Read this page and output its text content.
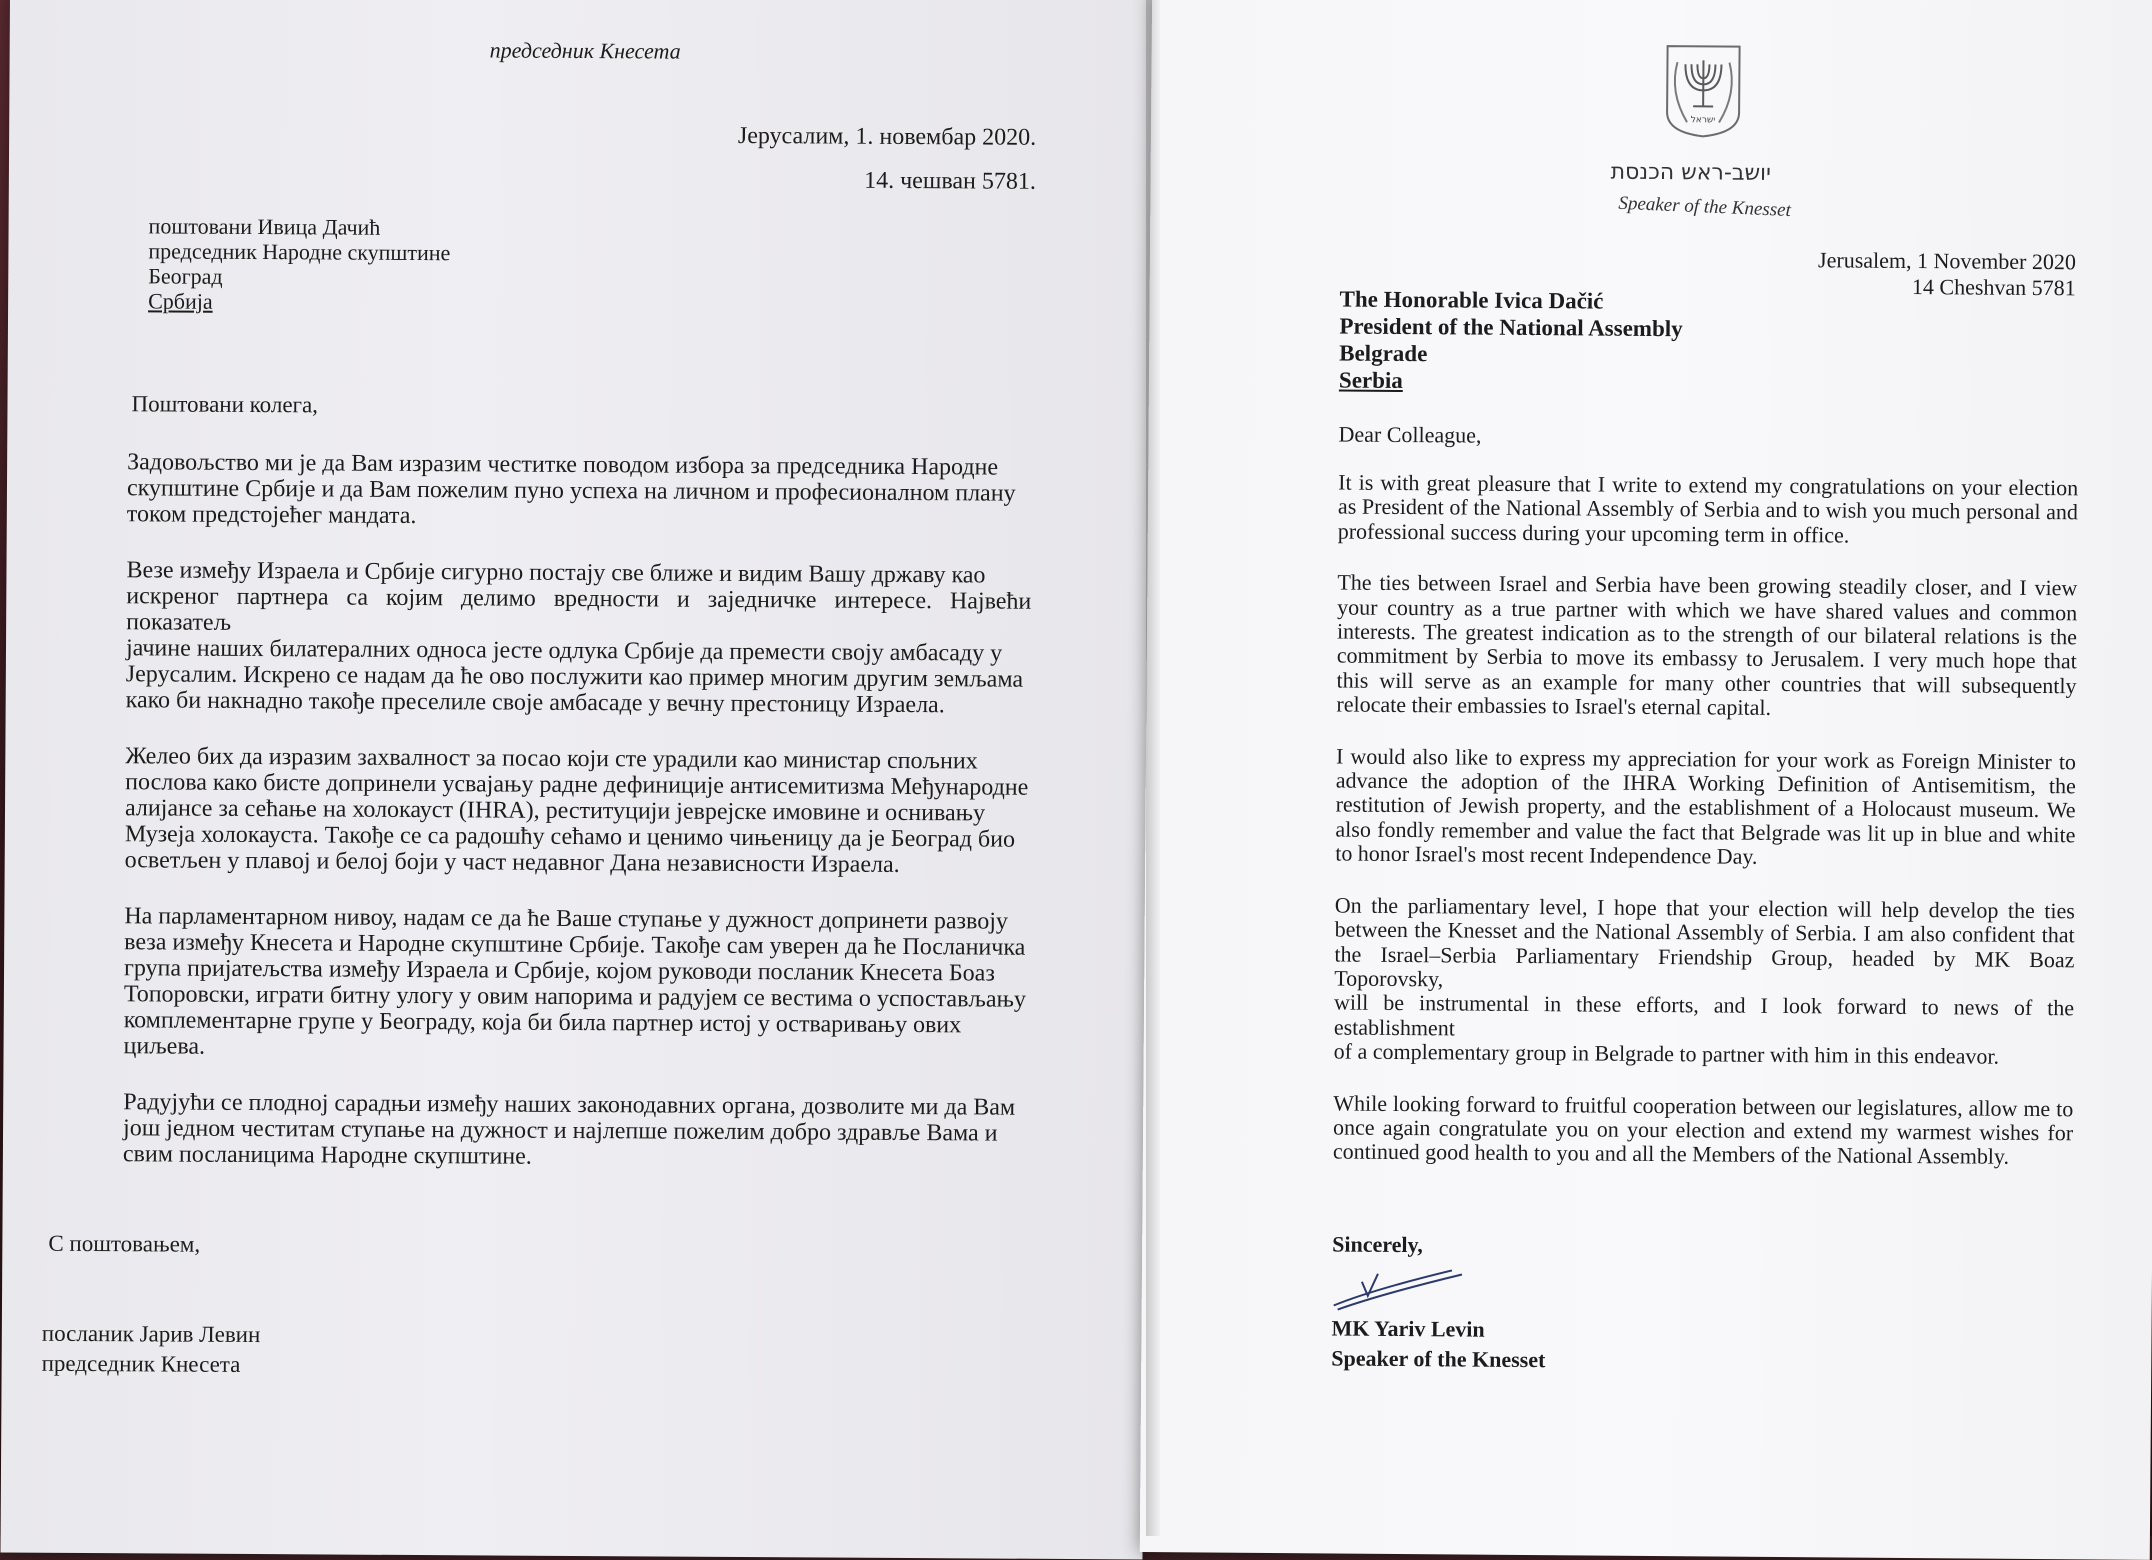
председник Кнесета
Јерусалим, 1. новембар 2020.
14. чешван 5781.
поштовани Ивица Дачић
председник Народне скупштине
Београд
Србија
Поштовани колега,

Задовољство ми је да Вам изразим честитке поводом избора за председника Народне
скупштине Србије и да Вам пожелим пуно успеха на личном и професионалном плану
током предстојећег мандата.

Везе између Израела и Србије сигурно постају све ближе и видим Вашу државу као
искреног партнера са којим делимо вредности и заједничке интересе. Највећи показатељ
јачине наших билатералних односа јесте одлука Србије да премести своју амбасаду у
Јерусалим. Искрено се надам да ће ово послужити као пример многим другим земљама
како би накнадно такође преселиле своје амбасаде у вечну престоницу Израела.

Желео бих да изразим захвалност за посао који сте урадили као министар спољних
послова како бисте допринели усвајању радне дефиниције антисемитизма Међународне
алијансе за сећање на холокауст (IHRA), реституцији јеврејске имовине и оснивању
Музеја холокауста. Такође се са радошћу сећамо и ценимо чињеницу да је Београд био
осветљен у плавој и белој боји у част недавног Дана независности Израела.

На парламентарном нивоу, надам се да ће Ваше ступање у дужност допринети развоју
веза између Кнесета и Народне скупштине Србије. Такође сам уверен да ће Посланичка
група пријатељства између Израела и Србије, којом руководи посланик Кнесета Боаз
Топоровски, играти битну улогу у овим напорима и радујем се вестима о успостављању
комплементарне групе у Београду, која би била партнер истој у остваривању ових
циљева.

Радујући се плодној сарадњи између наших законодавних органа, дозволите ми да Вам
још једном честитам ступање на дужност и најлепше пожелим добро здравље Вама и
свим посланицима Народне скупштине.

С поштовањем,
посланик Јарив Левин
председник Кнесета
ישראל
יושב-ראש הכנסת
Speaker of the Knesset
Jerusalem, 1 November 2020
14 Cheshvan 5781
The Honorable Ivica Dačić
President of the National Assembly
Belgrade
Serbia
Dear Colleague,

It is with great pleasure that I write to extend my congratulations on your election
as President of the National Assembly of Serbia and to wish you much personal and
professional success during your upcoming term in office.

The ties between Israel and Serbia have been growing steadily closer, and I view
your country as a true partner with which we have shared values and common
interests. The greatest indication as to the strength of our bilateral relations is the
commitment by Serbia to move its embassy to Jerusalem. I very much hope that
this will serve as an example for many other countries that will subsequently
relocate their embassies to Israel's eternal capital.

I would also like to express my appreciation for your work as Foreign Minister to
advance the adoption of the IHRA Working Definition of Antisemitism, the
restitution of Jewish property, and the establishment of a Holocaust museum. We
also fondly remember and value the fact that Belgrade was lit up in blue and white
to honor Israel's most recent Independence Day.

On the parliamentary level, I hope that your election will help develop the ties
between the Knesset and the National Assembly of Serbia. I am also confident that
the Israel–Serbia Parliamentary Friendship Group, headed by MK Boaz Toporovsky,
will be instrumental in these efforts, and I look forward to news of the establishment
of a complementary group in Belgrade to partner with him in this endeavor.

While looking forward to fruitful cooperation between our legislatures, allow me to
once again congratulate you on your election and extend my warmest wishes for
continued good health to you and all the Members of the National Assembly.

Sincerely,
MK Yariv Levin
Speaker of the Knesset
